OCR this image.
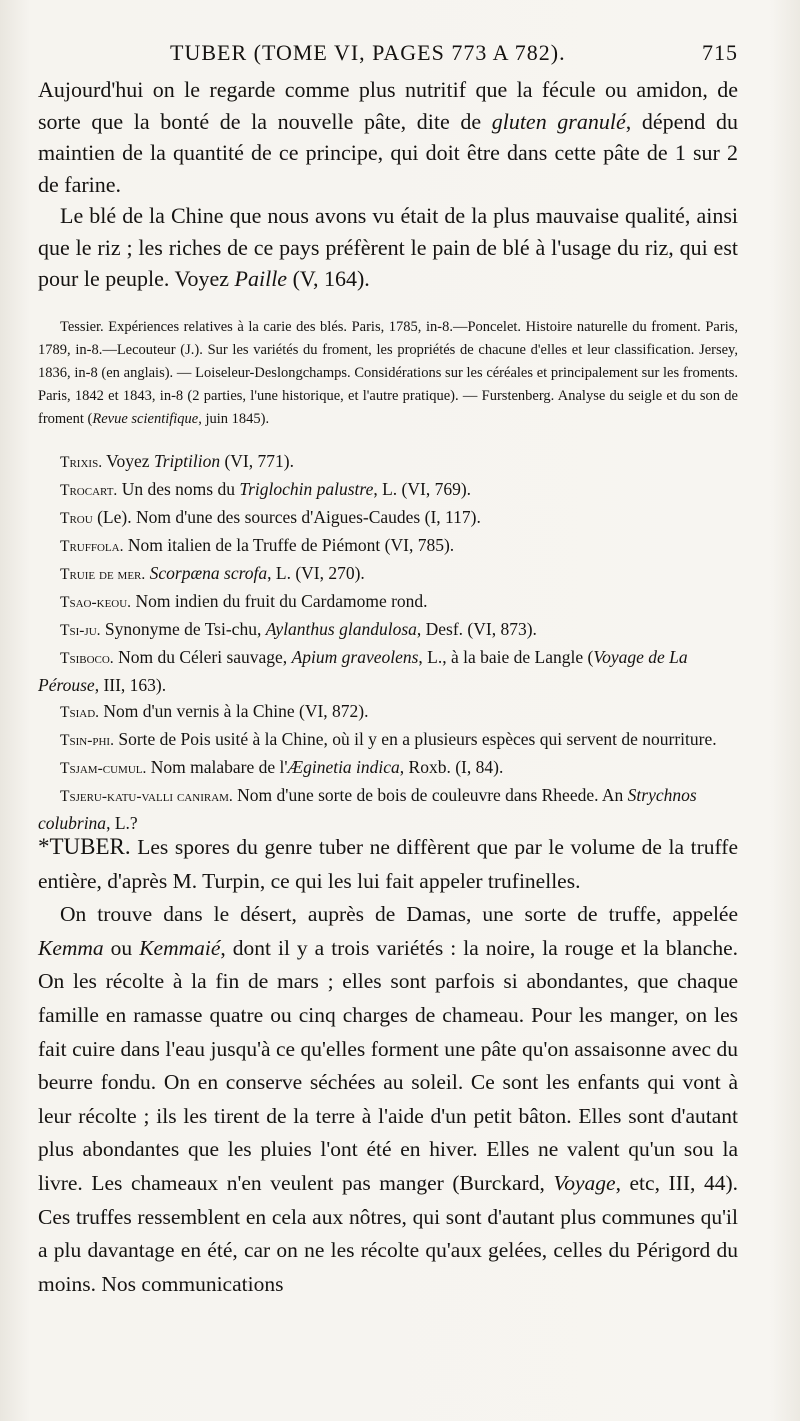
TUBER (TOME VI, PAGES 773 A 782).	715

Aujourd'hui on le regarde comme plus nutritif que la fécule ou amidon, de sorte que la bonté de la nouvelle pâte, dite de gluten granulé, dépend du maintien de la quantité de ce principe, qui doit être dans cette pâte de 1 sur 2 de farine.

Le blé de la Chine que nous avons vu était de la plus mauvaise qualité, ainsi que le riz ; les riches de ce pays préfèrent le pain de blé à l'usage du riz, qui est pour le peuple. Voyez Paille (V, 164).

Tessier. Expériences relatives à la carie des blés. Paris, 1785, in-8.—Poncelet. Histoire naturelle du froment. Paris, 1789, in-8.—Lecouteur (J.). Sur les variétés du froment, les propriétés de chacune d'elles et leur classification. Jersey, 1836, in-8 (en anglais). — Loiseleur-Deslongchamps. Considérations sur les céréales et principalement sur les froments. Paris, 1842 et 1843, in-8 (2 parties, l'une historique, et l'autre pratique). — Furstenberg. Analyse du seigle et du son de froment (Revue scientifique, juin 1845).

Trixis. Voyez Triptilion (VI, 771).

Trocart. Un des noms du Triglochin palustre, L. (VI, 769).

Trou (Le). Nom d'une des sources d'Aigues-Caudes (I, 117).

Truffola. Nom italien de la Truffe de Piémont (VI, 785).

Truie de mer. Scorpæna scrofa, L. (VI, 270).

Tsao-keou. Nom indien du fruit du Cardamome rond.

Tsi-ju. Synonyme de Tsi-chu, Aylanthus glandulosa, Desf. (VI, 873).

Tsiboco. Nom du Céleri sauvage, Apium graveolens, L., à la baie de Langle (Voyage de La Pérouse, III, 163).

Tsiad. Nom d'un vernis à la Chine (VI, 872).

Tsin-phi. Sorte de Pois usité à la Chine, où il y en a plusieurs espèces qui servent de nourriture.

Tsjam-cumul. Nom malabare de l'Æginetia indica, Roxb. (I, 84).

Tsjeru-katu-valli caniram. Nom d'une sorte de bois de couleuvre dans Rheede. An Strychnos colubrina, L.?

*TUBER. Les spores du genre tuber ne diffèrent que par le volume de la truffe entière, d'après M. Turpin, ce qui les lui fait appeler trufinelles.

On trouve dans le désert, auprès de Damas, une sorte de truffe, appelée Kemma ou Kemmaié, dont il y a trois variétés : la noire, la rouge et la blanche. On les récolte à la fin de mars ; elles sont parfois si abondantes, que chaque famille en ramasse quatre ou cinq charges de chameau. Pour les manger, on les fait cuire dans l'eau jusqu'à ce qu'elles forment une pâte qu'on assaisonne avec du beurre fondu. On en conserve séchées au soleil. Ce sont les enfants qui vont à leur récolte ; ils les tirent de la terre à l'aide d'un petit bâton. Elles sont d'autant plus abondantes que les pluies l'ont été en hiver. Elles ne valent qu'un sou la livre. Les chameaux n'en veulent pas manger (Burckard, Voyage, etc, III, 44). Ces truffes ressemblent en cela aux nôtres, qui sont d'autant plus communes qu'il a plu davantage en été, car on ne les récolte qu'aux gelées, celles du Périgord du moins. Nos communications
